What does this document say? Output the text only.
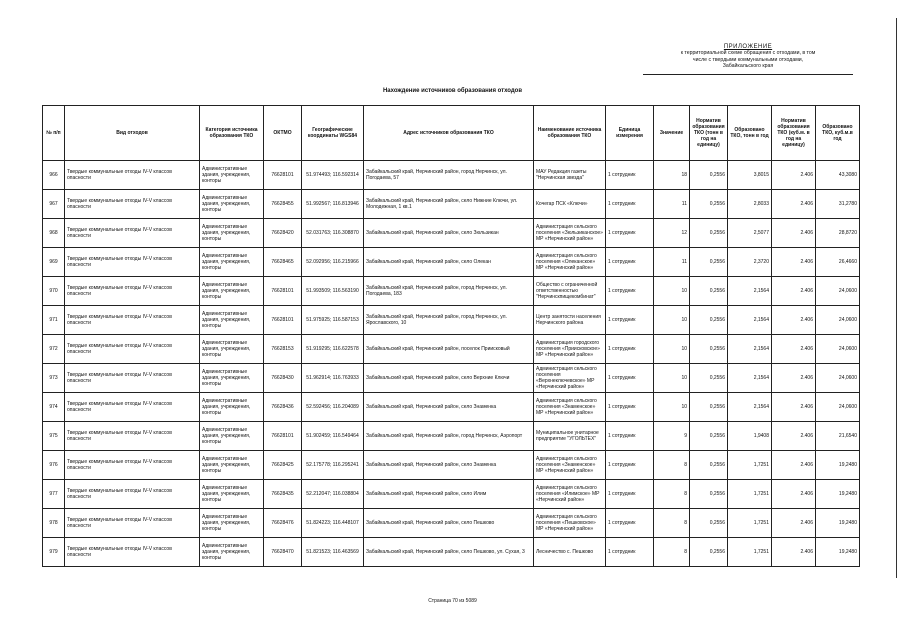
ПРИЛОЖЕНИЕ
к территориальной схеме обращения с отходами, в том
числе с твердыми коммунальными отходами,
Забайкальского края
Нахождение источников образования отходов
№ п/п	Вид отходов	Категория источника образования ТКО	ОКТМО	Географические координаты WGS84	Адрес источников образования ТКО	Наименование источника образования ТКО	Единица измерения	Значение	Норматив образования ТКО (тонн в год на единицу)	Образовано ТКО, тонн в год	Норматив образования ТКО (куб.м. в год на единицу)	Образовано ТКО, куб.м.в год
966	Твердые коммунальные отходы IV-V классов опасности	Административные здания, учреждения, конторы	76628101	51.974493; 116.592314	Забайкальский край, Нерчинский район, город Нерчинск, ул. Погодаева, 57	МАУ Редакция газеты "Нерчинская звезда"	1 сотрудник	18	0,2556	3,8015	2.406	43,3080
967	Твердые коммунальные отходы IV-V классов опасности	Административные здания, учреждения, конторы	76628455	51.992567; 116.813946	Забайкальский край, Нерчинский район, село Нижние Ключи, ул. Молодежная, 1 кв.1	Кочегар ПСК «Ключи»	1 сотрудник	11	0,2556	2,8033	2.406	31,2780
968	Твердые коммунальные отходы IV-V классов опасности	Административные здания, учреждения, конторы	76628420	52.031763; 116.308870	Забайкальский край, Нерчинский район, село Зюльзикан	Администрация сельского поселения «Зюльзиканское» МР «Нерчинский район»	1 сотрудник	12	0,2556	2,5077	2.406	28,8720
969	Твердые коммунальные отходы IV-V классов опасности	Административные здания, учреждения, конторы	76628465	52.092956; 116.215966	Забайкальский край, Нерчинский район, село Олекан	Администрация сельского поселения «Олеканское» МР «Нерчинский район»	1 сотрудник	11	0,2556	2,3720	2.406	26,4660
970	Твердые коммунальные отходы IV-V классов опасности	Административные здания, учреждения, конторы	76628101	51.993509; 116.563190	Забайкальский край, Нерчинский район, город Нерчинск, ул. Погодаева, 183	Общество с ограниченной ответственностью "Нерчинскпищекомбинат"	1 сотрудник	10	0,2556	2,1564	2.406	24,0600
971	Твердые коммунальные отходы IV-V классов опасности	Административные здания, учреждения, конторы	76628101	51.975925; 116.587153	Забайкальский край, Нерчинский район, город Нерчинск, ул. Ярославского, 10	Центр занятости населения Нерчинского района	1 сотрудник	10	0,2556	2,1564	2.406	24,0600
972	Твердые коммунальные отходы IV-V классов опасности	Административные здания, учреждения, конторы	76628153	51.919295; 116.622578	Забайкальский край, Нерчинский район, поселок Приисковый	Администрация городского поселения «Приисковское» МР «Нерчинский район»	1 сотрудник	10	0,2556	2,1564	2.406	24,0600
973	Твердые коммунальные отходы IV-V классов опасности	Административные здания, учреждения, конторы	76628430	51.962914; 116.763933	Забайкальский край, Нерчинский район, село Верхние Ключи	Администрация сельского поселения «Верхнеключевское» МР «Нерчинский район»	1 сотрудник	10	0,2556	2,1564	2.406	24,0600
974	Твердые коммунальные отходы IV-V классов опасности	Административные здания, учреждения, конторы	76628436	52.592456; 116.204089	Забайкальский край, Нерчинский район, село Знаменка	Администрация сельского поселения «Знаменское» МР «Нерчинский район»	1 сотрудник	10	0,2556	2,1564	2.406	24,0600
975	Твердые коммунальные отходы IV-V классов опасности	Административные здания, учреждения, конторы	76628101	51.902459; 116.549464	Забайкальский край, Нерчинский район, город Нерчинск, Аэропорт	Муниципальное унитарное предприятие "УГОЛЬТЕХ"	1 сотрудник	9	0,2556	1,9408	2.406	21,6540
976	Твердые коммунальные отходы IV-V классов опасности	Административные здания, учреждения, конторы	76628425	52.175778; 116.295241	Забайкальский край, Нерчинский район, село Знаменка	Администрация сельского поселения «Знаменское» МР «Нерчинский район»	1 сотрудник	8	0,2556	1,7251	2.406	19,2480
977	Твердые коммунальные отходы IV-V классов опасности	Административные здания, учреждения, конторы	76628435	52.212047; 116.038804	Забайкальский край, Нерчинский район, село Илим	Администрация сельского поселения «Илимское» МР «Нерчинский район»	1 сотрудник	8	0,2556	1,7251	2.406	19,2480
978	Твердые коммунальные отходы IV-V классов опасности	Административные здания, учреждения, конторы	76628476	51.824223; 116.448107	Забайкальский край, Нерчинский район, село Пешково	Администрация сельского поселения «Пешковское» МР «Нерчинский район»	1 сотрудник	8	0,2556	1,7251	2.406	19,2480
979	Твердые коммунальные отходы IV-V классов опасности	Административные здания, учреждения, конторы	76628470	51.821523; 116.463569	Забайкальский край, Нерчинский район, село Пешково, ул. Сухая, 3	Лесничество с. Пешково	1 сотрудник	8	0,2556	1,7251	2.406	19,2480
Страница 70 из 5089
